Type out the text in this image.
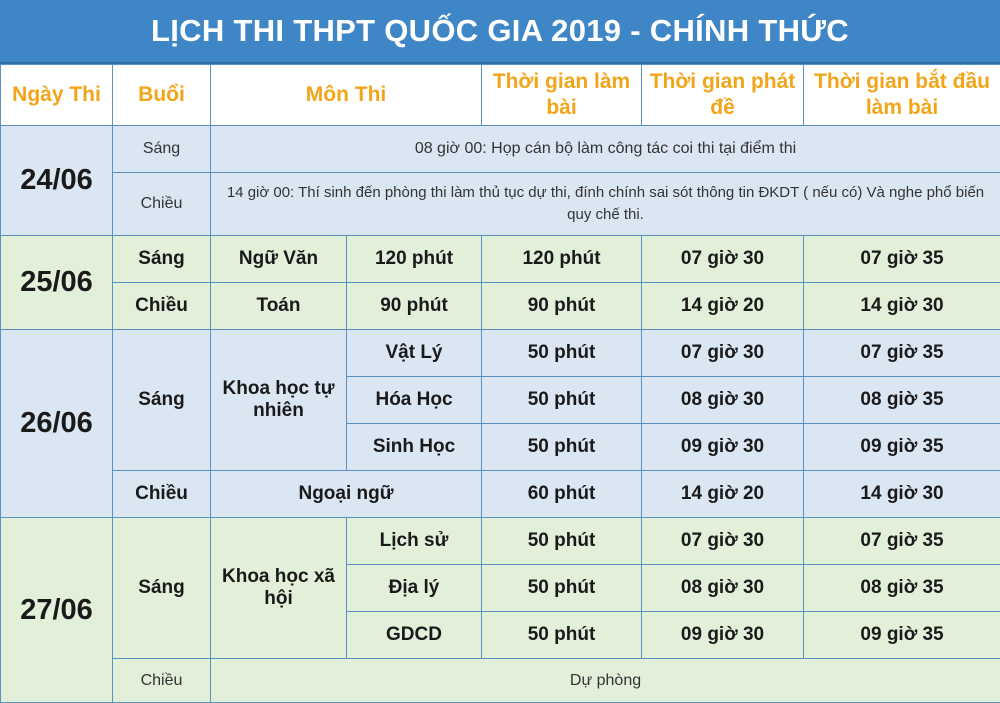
LỊCH THI THPT QUỐC GIA 2019 - CHÍNH THỨC
Ngày Thi	Buổi	Môn Thi		Thời gian làm bài	Thời gian phát đề	Thời gian bắt đầu làm bài
24/06	Sáng	08 giờ 00: Họp cán bộ làm công tác coi thi tại điểm thi				
	Chiều	14 giờ 00: Thí sinh đến phòng thi làm thủ tục dự thi, đính chính sai sót thông tin ĐKDT ( nếu có) Và nghe phổ biến quy chế thi.				
25/06	Sáng	Ngữ Văn	120 phút	120 phút	07 giờ 30	07 giờ 35
	Chiều	Toán	90 phút	90 phút	14 giờ 20	14 giờ 30
26/06	Sáng	Khoa học tự nhiên	Vật Lý	50 phút	07 giờ 30	07 giờ 35
			Hóa Học	50 phút	08 giờ 30	08 giờ 35
			Sinh Học	50 phút	09 giờ 30	09 giờ 35
	Chiều	Ngoại ngữ		60 phút	14 giờ 20	14 giờ 30
27/06	Sáng	Khoa học xã hội	Lịch sử	50 phút	07 giờ 30	07 giờ 35
			Địa lý	50 phút	08 giờ 30	08 giờ 35
			GDCD	50 phút	09 giờ 30	09 giờ 35
	Chiều	Dự phòng				
